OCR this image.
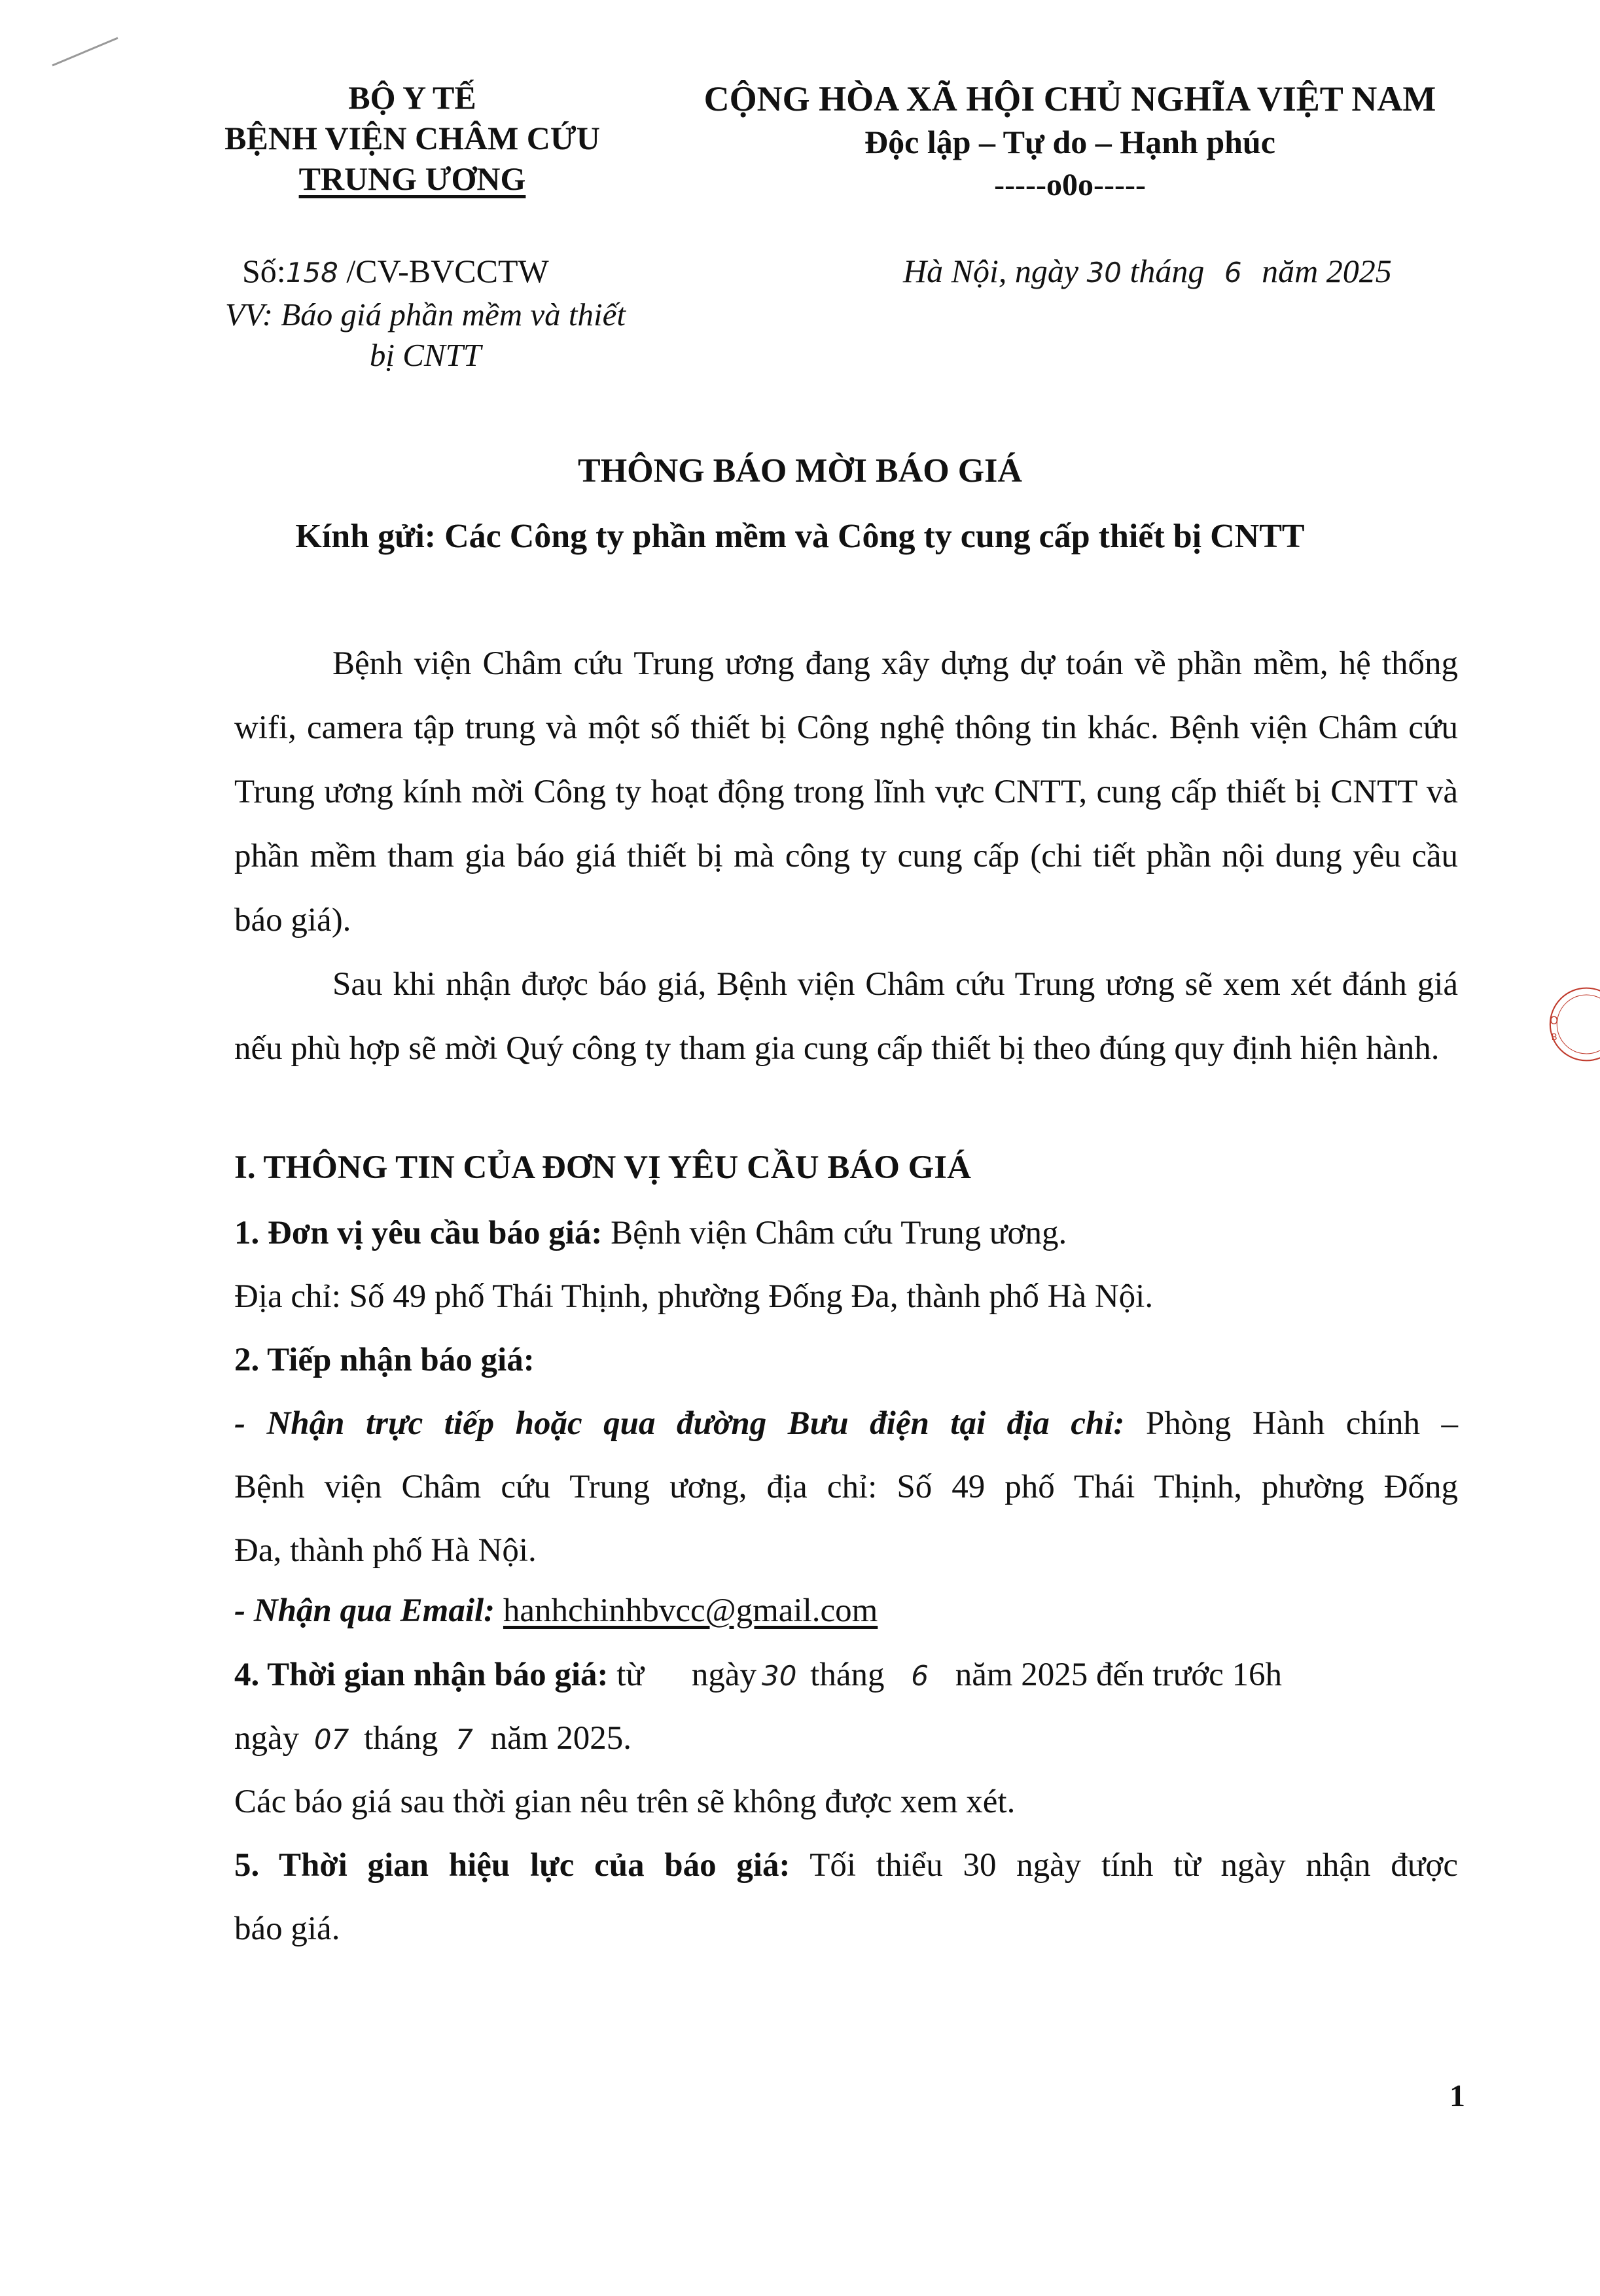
BỘ Y TẾ
BỆNH VIỆN CHÂM CỨU
TRUNG ƯƠNG
CỘNG HÒA XÃ HỘI CHỦ NGHĨA VIỆT NAM
Độc lập – Tự do – Hạnh phúc
-----o0o-----
Số:158 /CV-BVCCTW
VV: Báo giá phần mềm và thiết
bị CNTT
Hà Nội, ngày 30 tháng 6 năm 2025
THÔNG BÁO MỜI BÁO GIÁ
Kính gửi: Các Công ty phần mềm và Công ty cung cấp thiết bị CNTT
Bệnh viện Châm cứu Trung ương đang xây dựng dự toán về phần mềm, hệ thống wifi, camera tập trung và một số thiết bị Công nghệ thông tin khác. Bệnh viện Châm cứu Trung ương kính mời Công ty hoạt động trong lĩnh vực CNTT, cung cấp thiết bị CNTT và phần mềm tham gia báo giá thiết bị mà công ty cung cấp (chi tiết phần nội dung yêu cầu báo giá).
Sau khi nhận được báo giá, Bệnh viện Châm cứu Trung ương sẽ xem xét đánh giá nếu phù hợp sẽ mời Quý công ty tham gia cung cấp thiết bị theo đúng quy định hiện hành.
I. THÔNG TIN CỦA ĐƠN VỊ YÊU CẦU BÁO GIÁ
1. Đơn vị yêu cầu báo giá: Bệnh viện Châm cứu Trung ương.
Địa chỉ: Số 49 phố Thái Thịnh, phường Đống Đa, thành phố Hà Nội.
2. Tiếp nhận báo giá:
- Nhận trực tiếp hoặc qua đường Bưu điện tại địa chỉ: Phòng Hành chính –
Bệnh viện Châm cứu Trung ương, địa chỉ: Số 49 phố Thái Thịnh, phường Đống
Đa, thành phố Hà Nội.
- Nhận qua Email: hanhchinhbvcc@gmail.com
4. Thời gian nhận báo giá: từ ngày 30 tháng 6 năm 2025 đến trước 16h
ngày 07 tháng 7 năm 2025.
Các báo giá sau thời gian nêu trên sẽ không được xem xét.
5. Thời gian hiệu lực của báo giá: Tối thiểu 30 ngày tính từ ngày nhận được
báo giá.
1
O
B
